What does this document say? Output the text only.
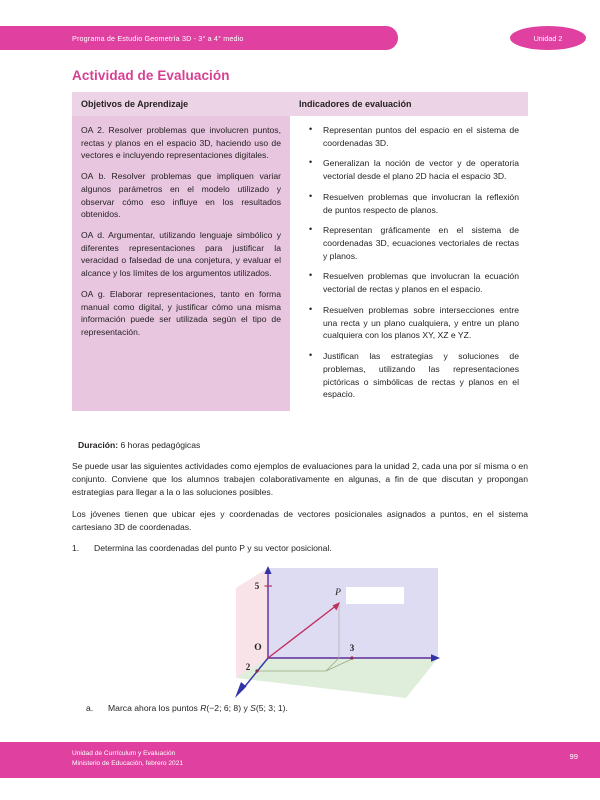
Programa de Estudio Geometría 3D - 3° a 4° medio	Unidad 2
Actividad de Evaluación
Objetivos de Aprendizaje	Indicadores de evaluación

OA 2. Resolver problemas que involucren puntos, rectas y planos en el espacio 3D, haciendo uso de vectores e incluyendo representaciones digitales.

OA b. Resolver problemas que impliquen variar algunos parámetros en el modelo utilizado y observar cómo eso influye en los resultados obtenidos.

OA d. Argumentar, utilizando lenguaje simbólico y diferentes representaciones para justificar la veracidad o falsedad de una conjetura, y evaluar el alcance y los límites de los argumentos utilizados.

OA g. Elaborar representaciones, tanto en forma manual como digital, y justificar cómo una misma información puede ser utilizada según el tipo de representación.

• Representan puntos del espacio en el sistema de coordenadas 3D.
• Generalizan la noción de vector y de operatoria vectorial desde el plano 2D hacia el espacio 3D.
• Resuelven problemas que involucran la reflexión de puntos respecto de planos.
• Representan gráficamente en el sistema de coordenadas 3D, ecuaciones vectoriales de rectas y planos.
• Resuelven problemas que involucran la ecuación vectorial de rectas y planos en el espacio.
• Resuelven problemas sobre intersecciones entre una recta y un plano cualquiera, y entre un plano cualquiera con los planos XY, XZ e YZ.
• Justifican las estrategias y soluciones de problemas, utilizando las representaciones pictóricas o simbólicas de rectas y planos en el espacio.
Duración: 6 horas pedagógicas
Se puede usar las siguientes actividades como ejemplos de evaluaciones para la unidad 2, cada una por sí misma o en conjunto. Conviene que los alumnos trabajen colaborativamente en algunas, a fin de que discutan y propongan estrategias para llegar a la o las soluciones posibles.
Los jóvenes tienen que ubicar ejes y coordenadas de vectores posicionales asignados a puntos, en el sistema cartesiano 3D de coordenadas.
1. Determina las coordenadas del punto P y su vector posicional.
5
3
2
O
P
a. Marca ahora los puntos R(−2; 6; 8) y S(5; 3; 1).
Unidad de Currículum y Evaluación
Ministerio de Educación, febrero 2021
99
